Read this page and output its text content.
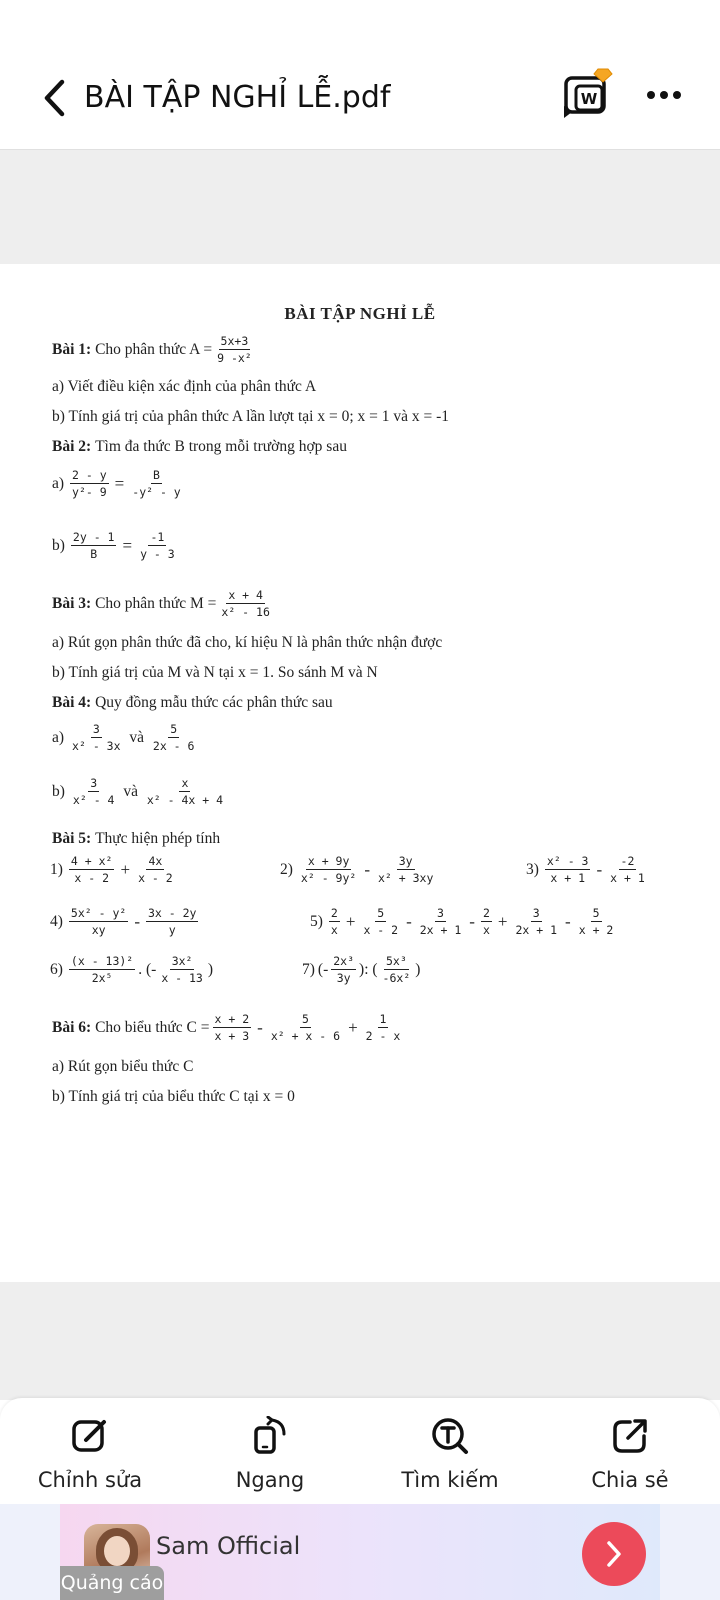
BÀI TẬP NGHỈ LỄ.pdf	W
BÀI TẬP NGHỈ LỄ
Bài 1:
Cho phân thức $A = \frac{5x+3}{\text{9 -x²}}$
a) Viết điều kiện xác định của phân thức A
b) Tính giá trị của phân thức A lần lượt tại x = 0; x = 1 và x = -1
Bài 2:
Tìm đa thức B trong mỗi trường hợp sau
$a) \frac{2 - y}{\text{y²- 9}} = \frac{B}{\text{-y² - y}}$
$b) \frac{2y - 1}{B} = \frac{-1}{y - 3}$
Bài 3:
Cho phân thức $M = \frac{x + 4}{\text{x² - 16}}$
a) Rút gọn phân thức đã cho, kí hiệu N là phân thức nhận được
b) Tính giá trị của M và N tại x = 1. So sánh M và N
Bài 4:
Quy đồng mẫu thức các phân thức sau
$a) \frac{3}{\text{x² - 3x}}$
và
$\frac{5}{2x - 6}$
$b) \frac{3}{\text{x² - 4}}$
và
$\frac{x}{\text{x² - 4x + 4}}$
Bài 5:
Thực hiện phép tính
$1) \frac{\text{4 + x²}}{x - 2} + \frac{4x}{x - 2}$	$2) \frac{x + 9y}{\text{x² - 9y²}} - \frac{3y}{\text{x² + 3xy}}$	$3) \frac{\text{x² - 3}}{x + 1} - \frac{-2}{x + 1}$
$4) \frac{\text{5x² - y²}}{xy} - \frac{3x - 2y}{y}$	$5) \frac{2}{x} + \frac{5}{x - 2} - \frac{3}{2x + 1} - \frac{2}{x} + \frac{3}{2x + 1} - \frac{5}{x + 2}$
$6) \frac{\text{(x - 13)²}}{\text{2x⁵}}$ . (- $\frac{\text{3x²}}{x - 13}$ )	7) (- $\frac{\text{2x³}}{3y}$ ): ( $\frac{\text{5x³}}{\text{-6x²}}$ )
Bài 6:
Cho biểu thức $C = \frac{x + 2}{x + 3} - \frac{5}{\text{x² + x - 6}} + \frac{1}{2 - x}$
a) Rút gọn biểu thức C
b) Tính giá trị của biểu thức C tại x = 0
Chỉnh sửa	Ngang	Tìm kiếm	Chia sẻ
Sam Official
Quảng cáo
